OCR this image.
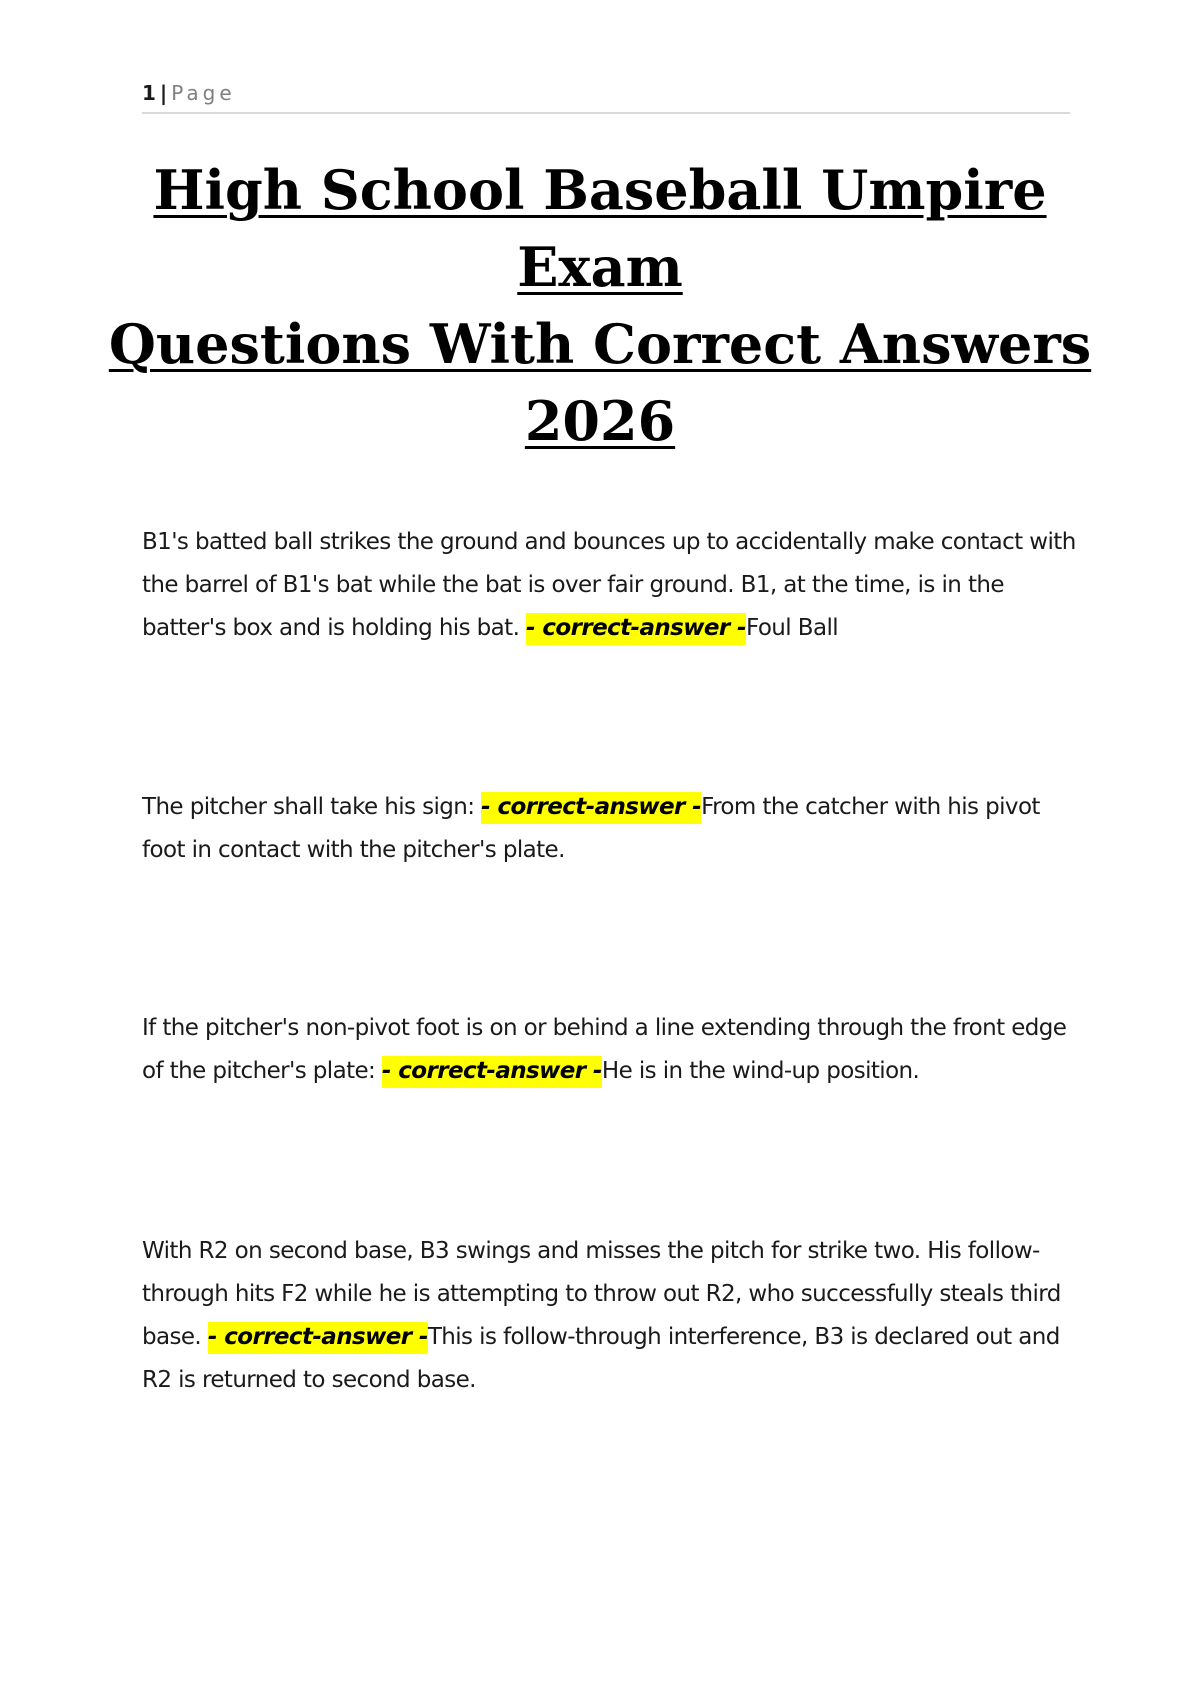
1 | Page
High School Baseball Umpire Exam
Questions With Correct Answers
2026
B1's batted ball strikes the ground and bounces up to accidentally make contact with the barrel of B1's bat while the bat is over fair ground. B1, at the time, is in the batter's box and is holding his bat. - correct-answer -Foul Ball
The pitcher shall take his sign: - correct-answer -From the catcher with his pivot foot in contact with the pitcher's plate.
If the pitcher's non-pivot foot is on or behind a line extending through the front edge of the pitcher's plate: - correct-answer -He is in the wind-up position.
With R2 on second base, B3 swings and misses the pitch for strike two. His follow-through hits F2 while he is attempting to throw out R2, who successfully steals third base. - correct-answer -This is follow-through interference, B3 is declared out and R2 is returned to second base.
